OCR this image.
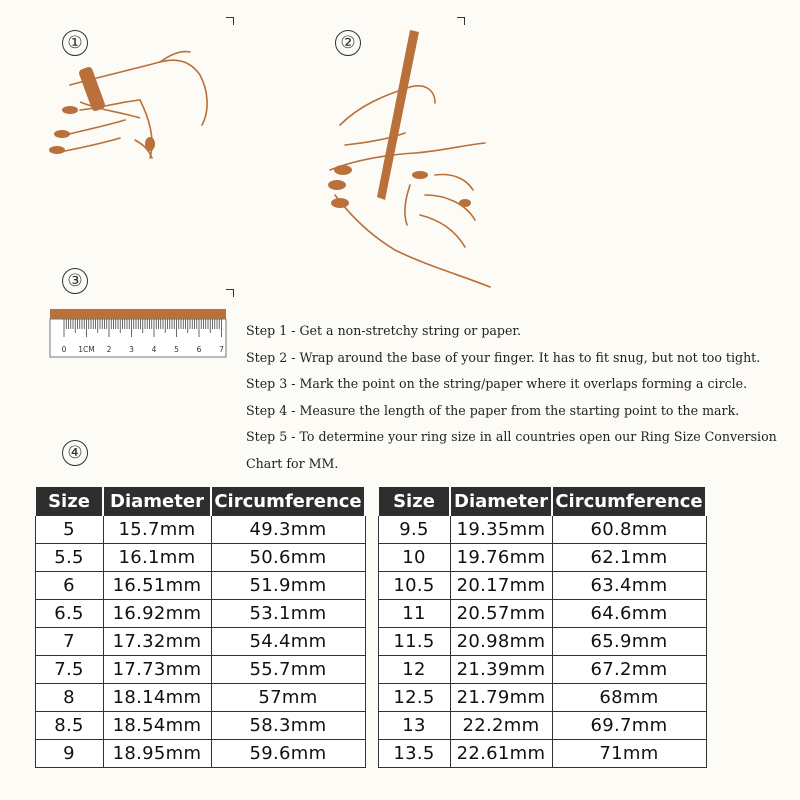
①	②
③
④
0 1CM 2 3 4 5 6 7

Step 1 - Get a non-stretchy string or paper.

Step 2 - Wrap around the base of your finger. It has to fit snug, but not too tight.

Step 3 - Mark the point on the string/paper where it overlaps forming a circle.

Step 4 - Measure the length of the paper from the starting point to the mark.

Step 5 - To determine your ring size in all countries open our Ring Size Conversion

Chart for MM.

Size	Diameter	Circumference
5	15.7mm	49.3mm
5.5	16.1mm	50.6mm
6	16.51mm	51.9mm
6.5	16.92mm	53.1mm
7	17.32mm	54.4mm
7.5	17.73mm	55.7mm
8	18.14mm	57mm
8.5	18.54mm	58.3mm
9	18.95mm	59.6mm
Size	Diameter	Circumference
9.5	19.35mm	60.8mm
10	19.76mm	62.1mm
10.5	20.17mm	63.4mm
11	20.57mm	64.6mm
11.5	20.98mm	65.9mm
12	21.39mm	67.2mm
12.5	21.79mm	68mm
13	22.2mm	69.7mm
13.5	22.61mm	71mm
